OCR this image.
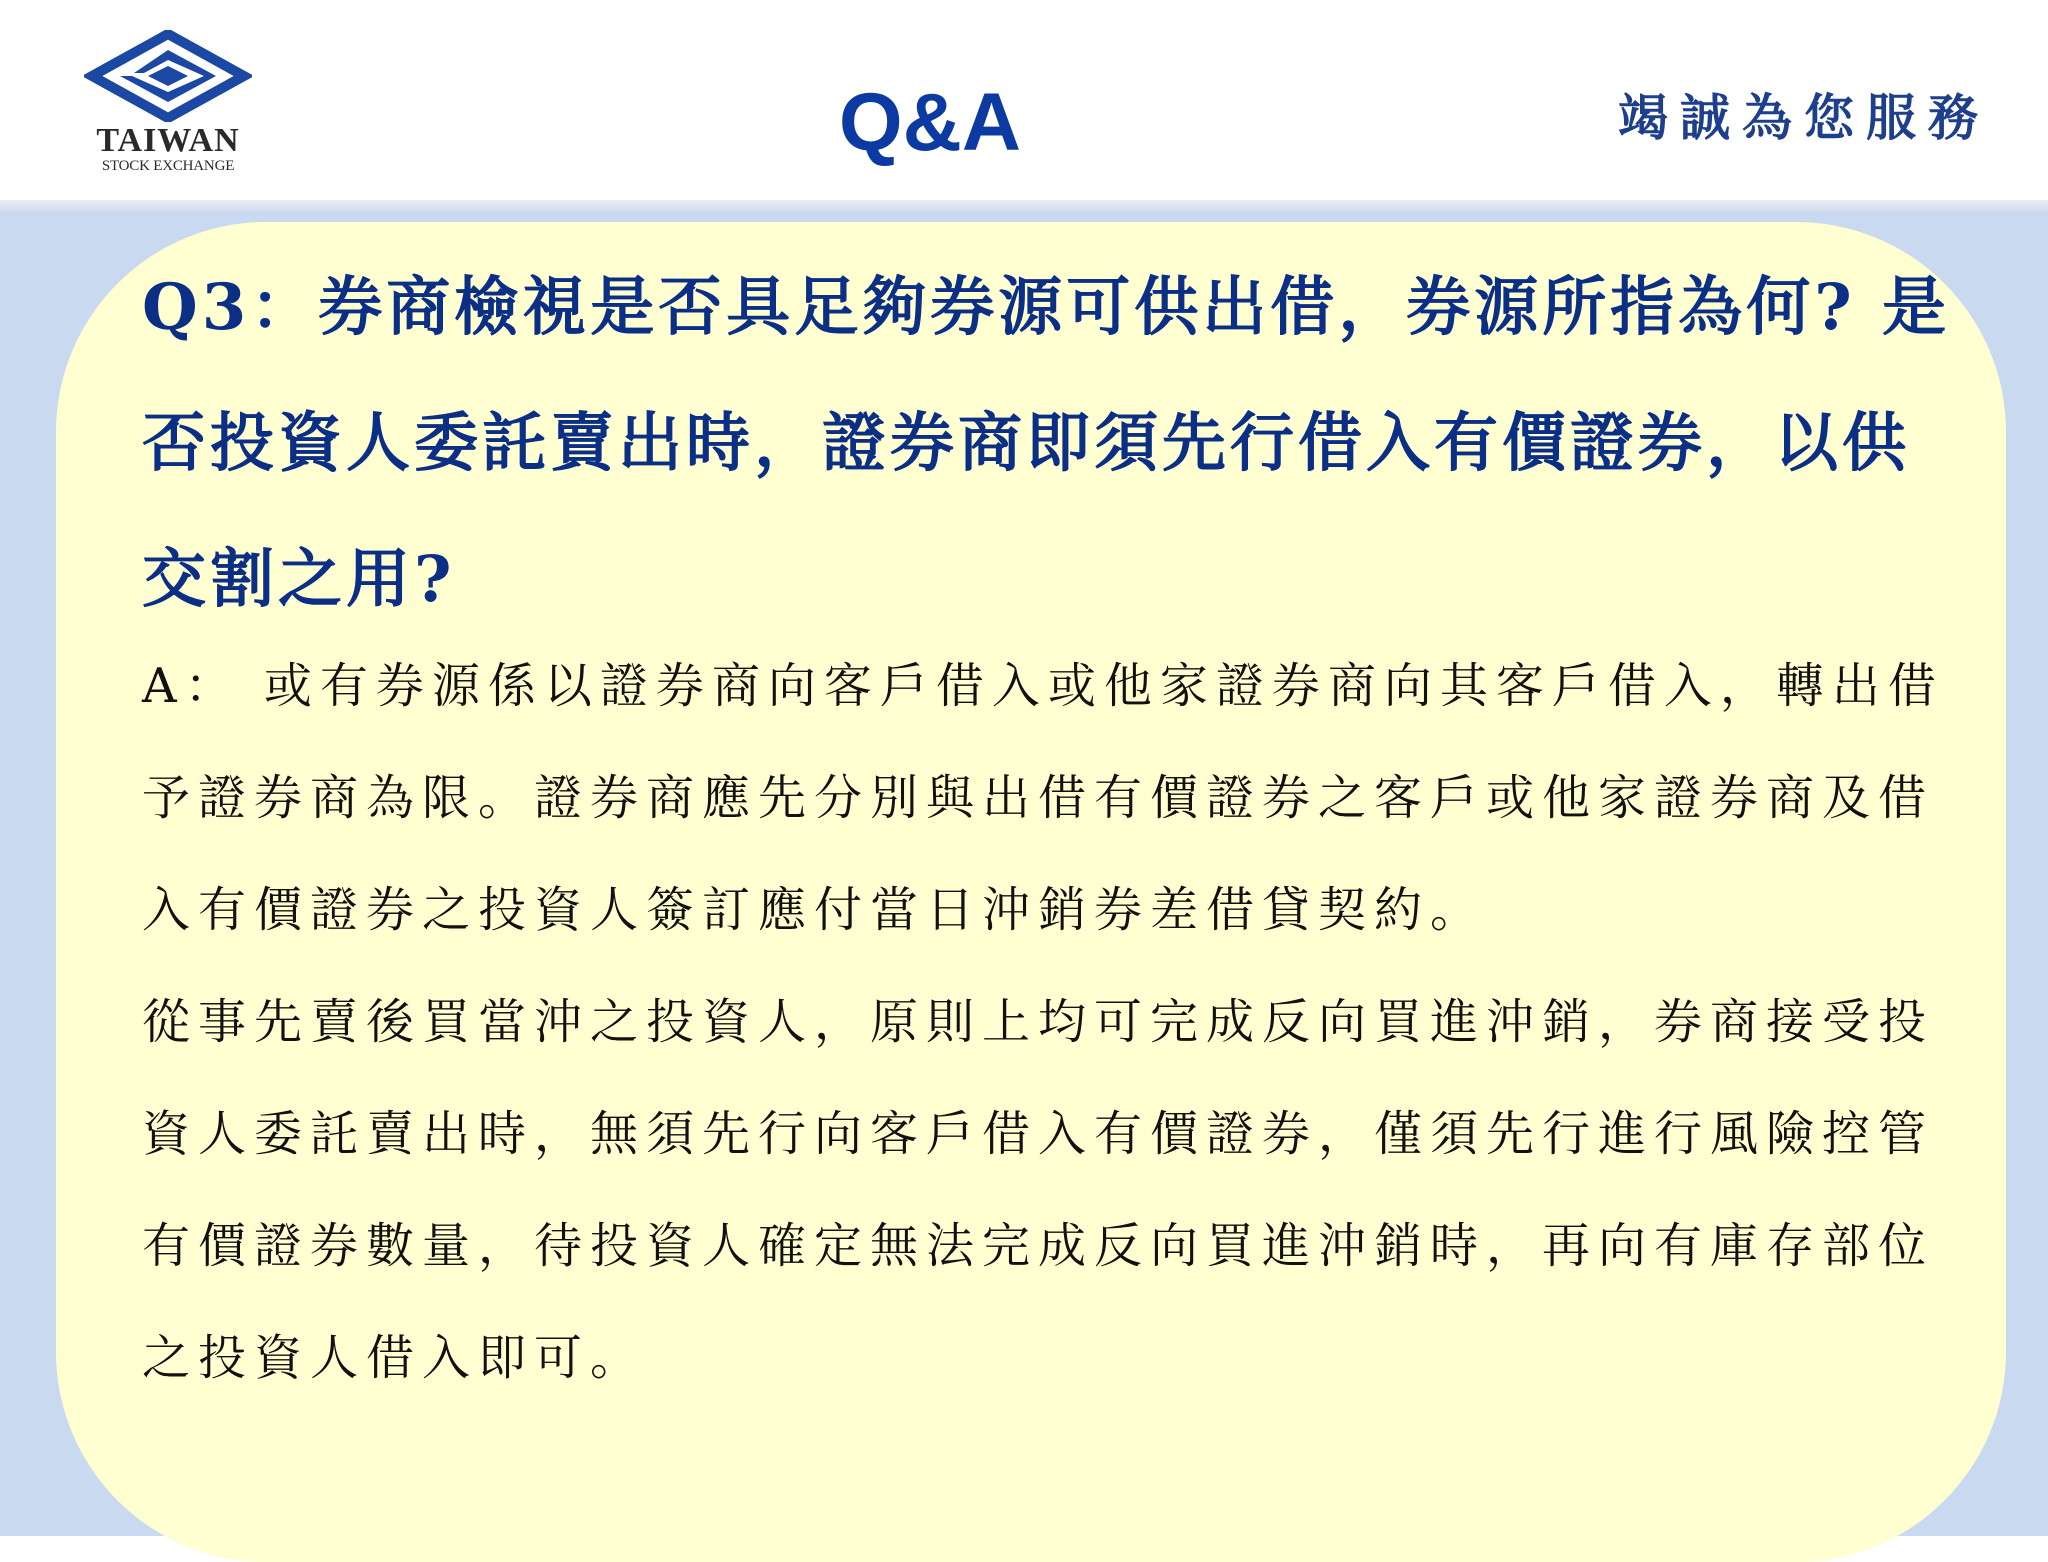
TAIWAN
STOCK EXCHANGE	Q&A	竭誠為您服務
Q3：券商檢視是否具足夠券源可供出借，券源所指為何? 是否投資人委託賣出時，證券商即須先行借入有價證券，以供交割之用?

A： 或有券源係以證券商向客戶借入或他家證券商向其客戶借入，轉出借予證券商為限。證券商應先分別與出借有價證券之客戶或他家證券商及借入有價證券之投資人簽訂應付當日沖銷券差借貸契約。

從事先賣後買當沖之投資人，原則上均可完成反向買進沖銷，券商接受投資人委託賣出時，無須先行向客戶借入有價證券，僅須先行進行風險控管有價證券數量，待投資人確定無法完成反向買進沖銷時，再向有庫存部位之投資人借入即可。
